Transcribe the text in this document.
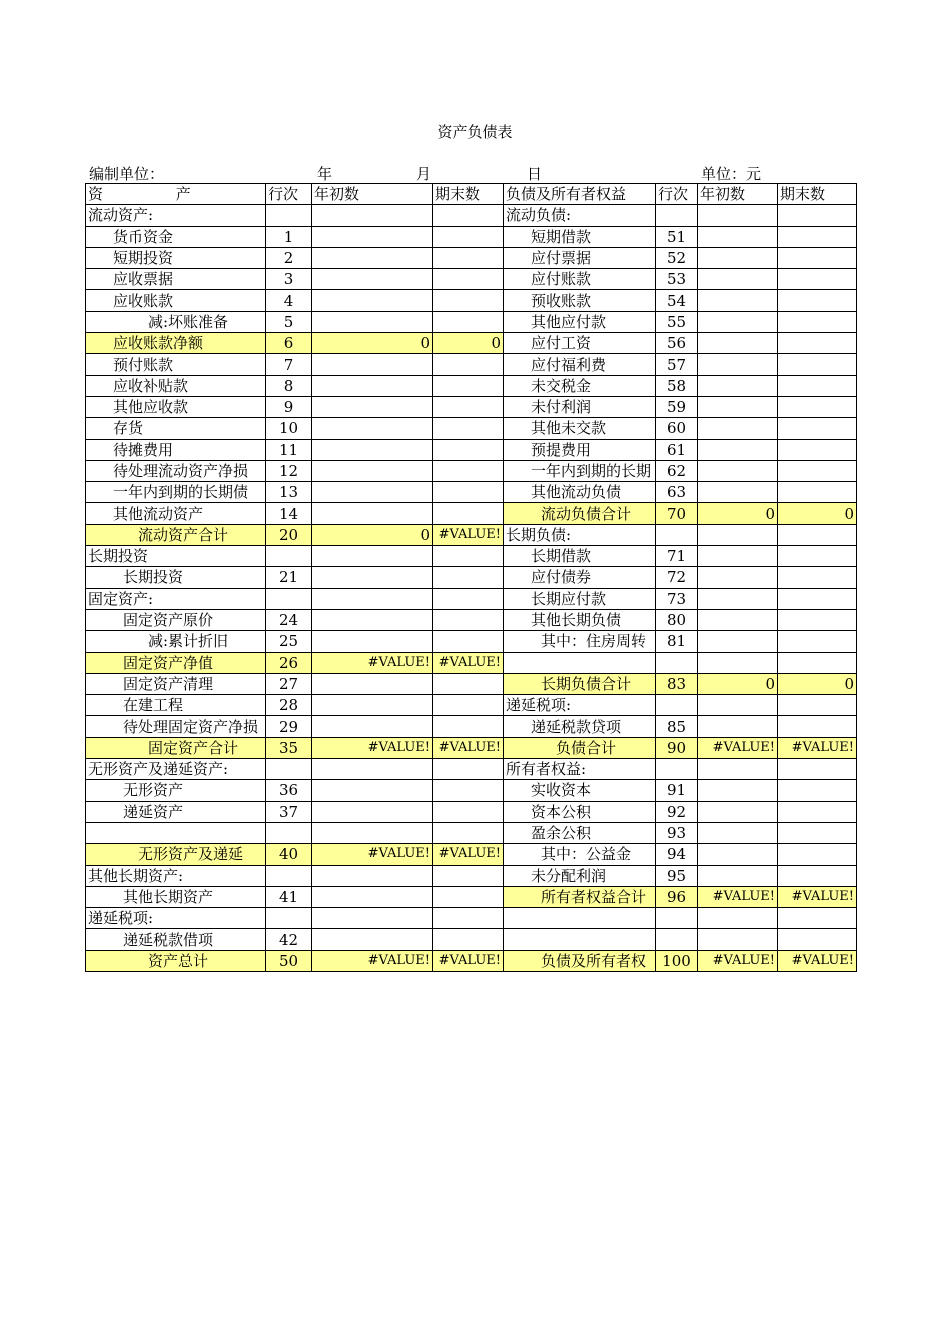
资产负债表
编制单位：	年	月	日	单位：元
资 产	行次	年初数	期末数	负债及所有者权益	行次	年初数	期末数
流动资产:				流动负债:			
货币资金	1			短期借款	51		
短期投资	2			应付票据	52		
应收票据	3			应付账款	53		
应收账款	4			预收账款	54		
减:坏账准备	5			其他应付款	55		
应收账款净额	6	0	0	应付工资	56		
预付账款	7			应付福利费	57		
应收补贴款	8			未交税金	58		
其他应收款	9			未付利润	59		
存货	10			其他未交款	60		
待摊费用	11			预提费用	61		
待处理流动资产净损	12			一年内到期的长期	62		
一年内到期的长期债	13			其他流动负债	63		
其他流动资产	14			流动负债合计	70	0	0
流动资产合计	20	0	#VALUE!	长期负债:			
长期投资				长期借款	71		
长期投资	21			应付债券	72		
固定资产:				长期应付款	73		
固定资产原价	24			其他长期负债	80		
减:累计折旧	25			其中：住房周转	81		
固定资产净值	26	#VALUE!	#VALUE!				
固定资产清理	27			长期负债合计	83	0	0
在建工程	28			递延税项:			
待处理固定资产净损	29			递延税款贷项	85		
固定资产合计	35	#VALUE!	#VALUE!	负债合计	90	#VALUE!	#VALUE!
无形资产及递延资产:				所有者权益:			
无形资产	36			实收资本	91		
递延资产	37			资本公积	92		
				盈余公积	93		
无形资产及递延	40	#VALUE!	#VALUE!	其中：公益金	94		
其他长期资产:				未分配利润	95		
其他长期资产	41			所有者权益合计	96	#VALUE!	#VALUE!
递延税项:							
递延税款借项	42						
资产总计	50	#VALUE!	#VALUE!	负债及所有者权	100	#VALUE!	#VALUE!
